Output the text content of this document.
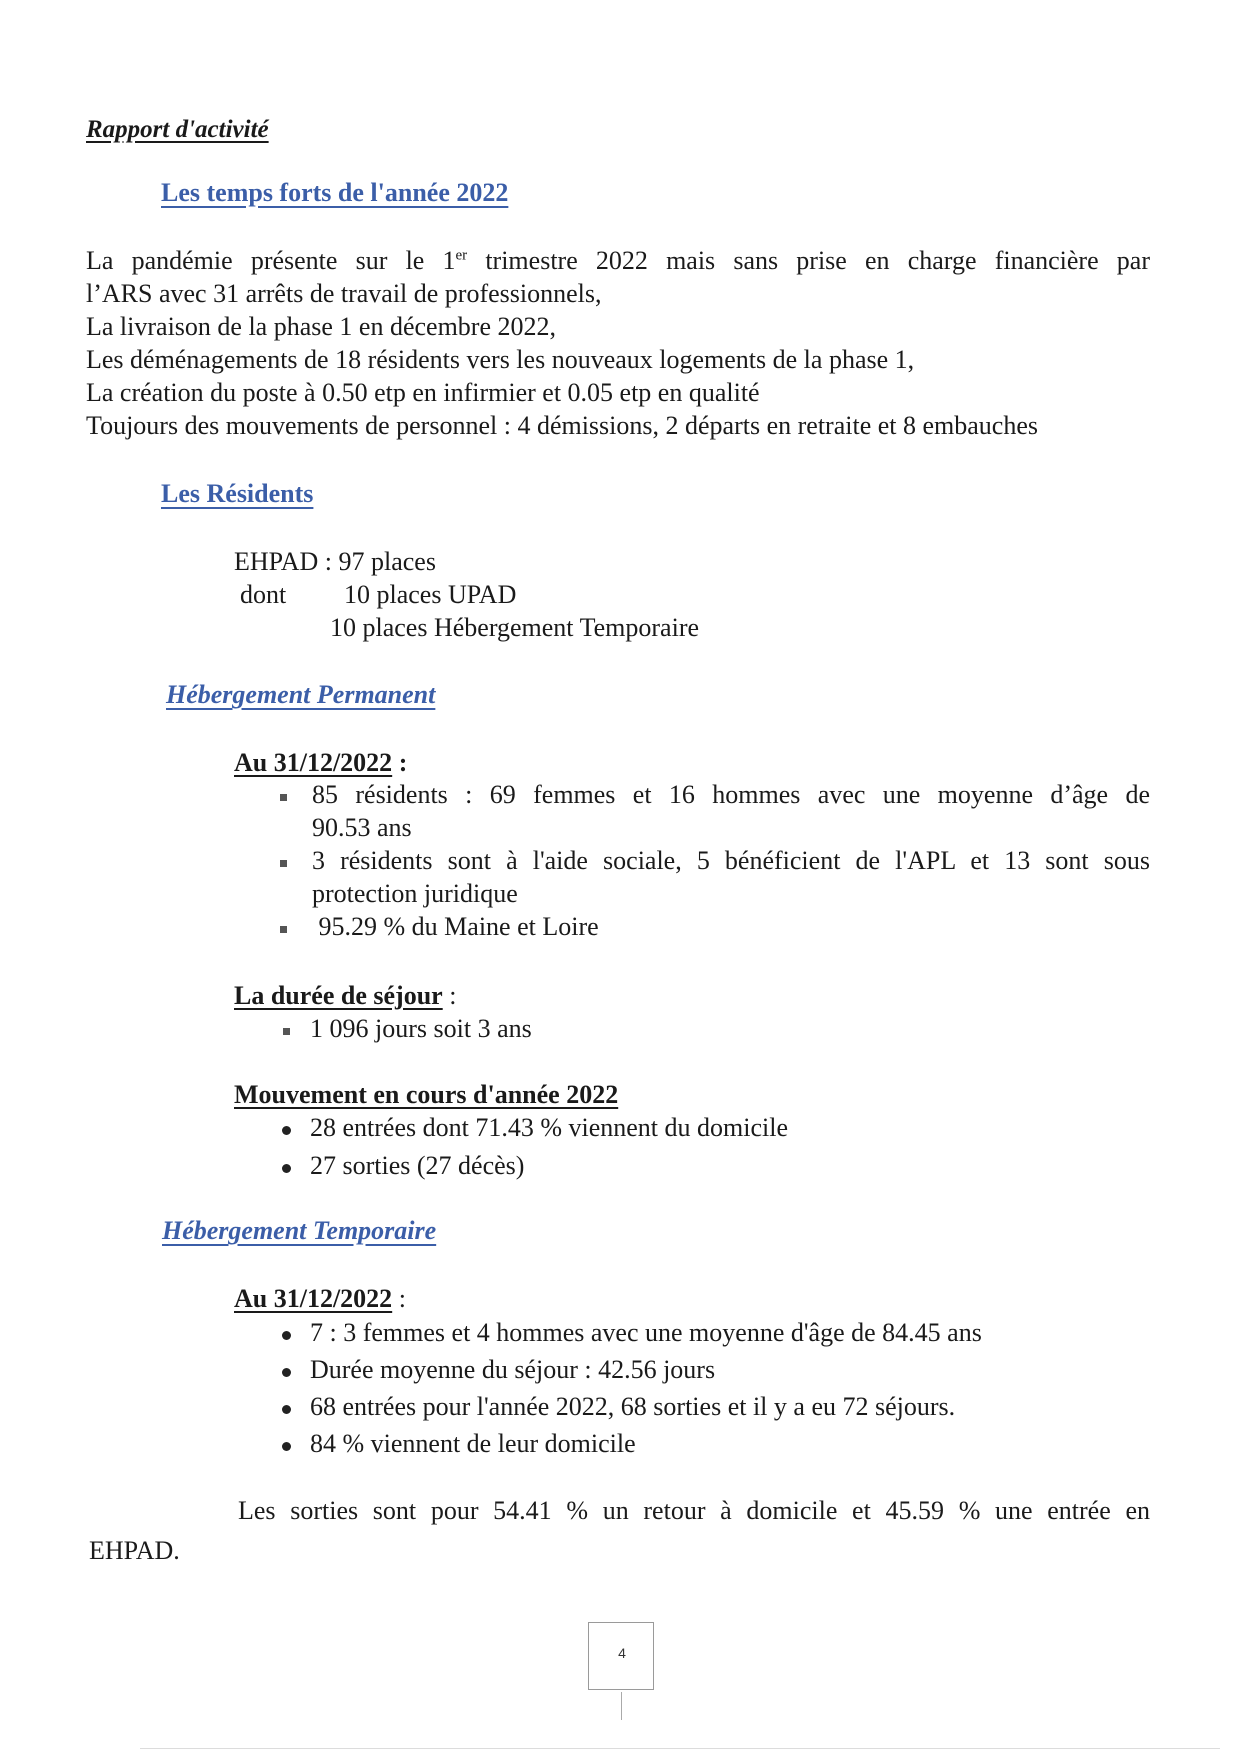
Rapport d'activité
Les temps forts de l'année 2022
La pandémie présente sur le 1er trimestre 2022 mais sans prise en charge financière par
l’ARS avec 31 arrêts de travail de professionnels,
La livraison de la phase 1 en décembre 2022,
Les déménagements de 18 résidents vers les nouveaux logements de la phase 1,
La création du poste à 0.50 etp en infirmier et 0.05 etp en qualité
Toujours des mouvements de personnel : 4 démissions, 2 départs en retraite et 8 embauches
Les Résidents
EHPAD : 97 places
dont 10 places UPAD
10 places Hébergement Temporaire
Hébergement Permanent
Au 31/12/2022 :
85 résidents : 69 femmes et 16 hommes avec une moyenne d’âge de
90.53 ans
3 résidents sont à l'aide sociale, 5 bénéficient de l'APL et 13 sont sous
protection juridique
95.29 % du Maine et Loire
La durée de séjour :
1 096 jours soit 3 ans
Mouvement en cours d'année 2022
28 entrées dont 71.43 % viennent du domicile
27 sorties (27 décès)
Hébergement Temporaire
Au 31/12/2022 :
7 : 3 femmes et 4 hommes avec une moyenne d'âge de 84.45 ans
Durée moyenne du séjour : 42.56 jours
68 entrées pour l'année 2022, 68 sorties et il y a eu 72 séjours.
84 % viennent de leur domicile
Les sorties sont pour 54.41 % un retour à domicile et 45.59 % une entrée en
EHPAD.
4
